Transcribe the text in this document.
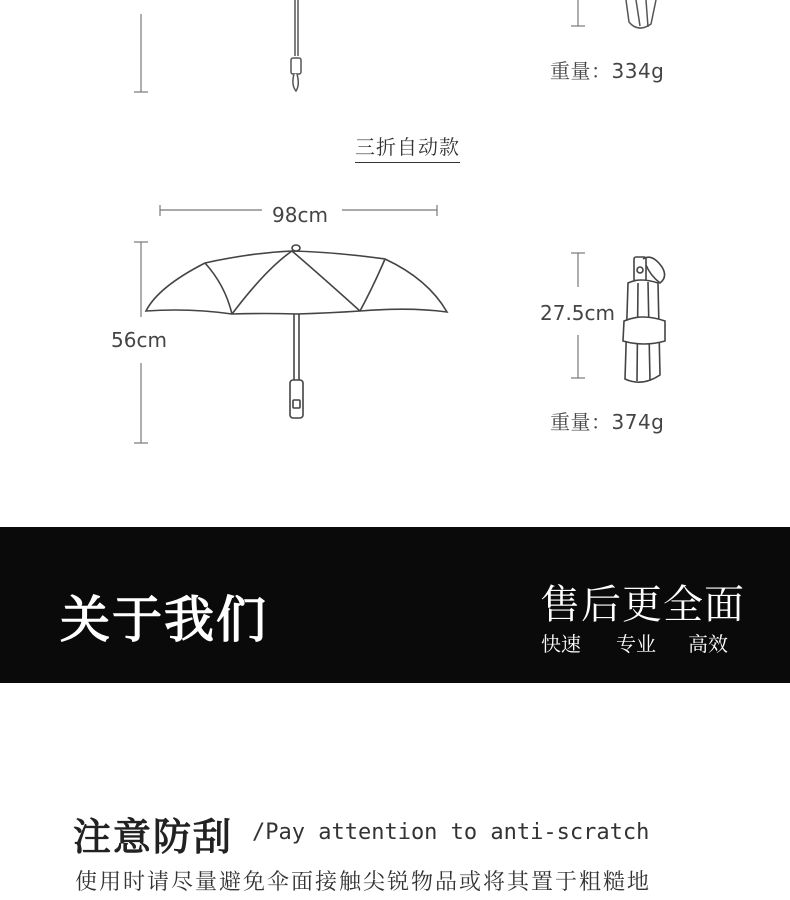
重量：334g
三折自动款
98cm
56cm
27.5cm
重量：374g
关于我们	售后更全面
快速 专业 高效
注意防刮 /Pay attention to anti-scratch
使用时请尽量避免伞面接触尖锐物品或将其置于粗糙地
